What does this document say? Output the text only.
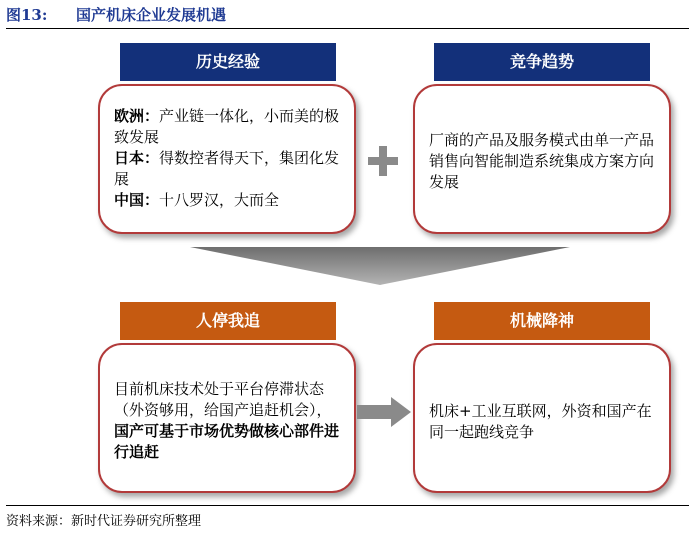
图13: 国产机床企业发展机遇
历史经验
欧洲：产业链一体化，小而美的极致发展
日本：得数控者得天下，集团化发展
中国：十八罗汉，大而全
竞争趋势
厂商的产品及服务模式由单一产品销售向智能制造系统集成方案方向发展
人停我追
目前机床技术处于平台停滞状态（外资够用，给国产追赶机会），国产可基于市场优势做核心部件进行追赶
机械降神
机床+工业互联网，外资和国产在同一起跑线竞争
资料来源：新时代证券研究所整理
